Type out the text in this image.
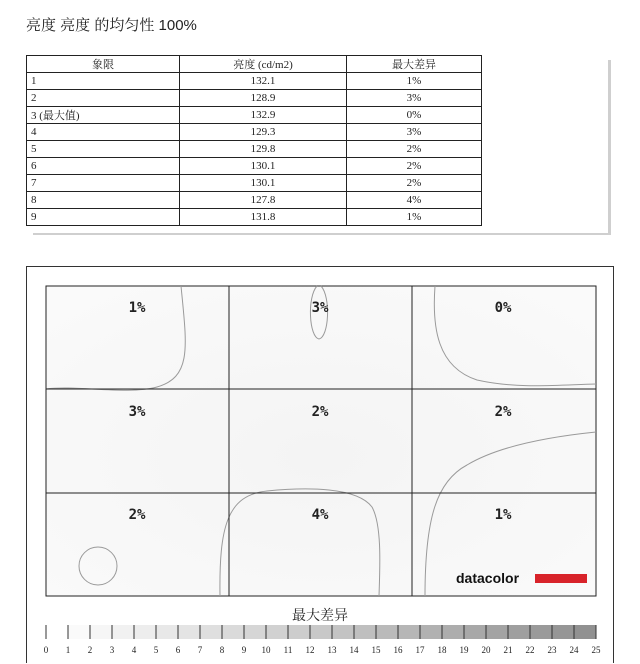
亮度 亮度 的均匀性 100%
象限	亮度 (cd/m2)	最大差异
1	132.1	1%
2	128.9	3%
3 (最大值)	132.9	0%
4	129.3	3%
5	129.8	2%
6	130.1	2%
7	130.1	2%
8	127.8	4%
9	131.8	1%
1%	3%	0%
3%	2%	2%
2%	4%	1%
datacolor
最大差异
0 1 2 3 4 5 6 7 8 9 10 11 12 13 14 15 16 17 18 19 20 21 22 23 24 25
